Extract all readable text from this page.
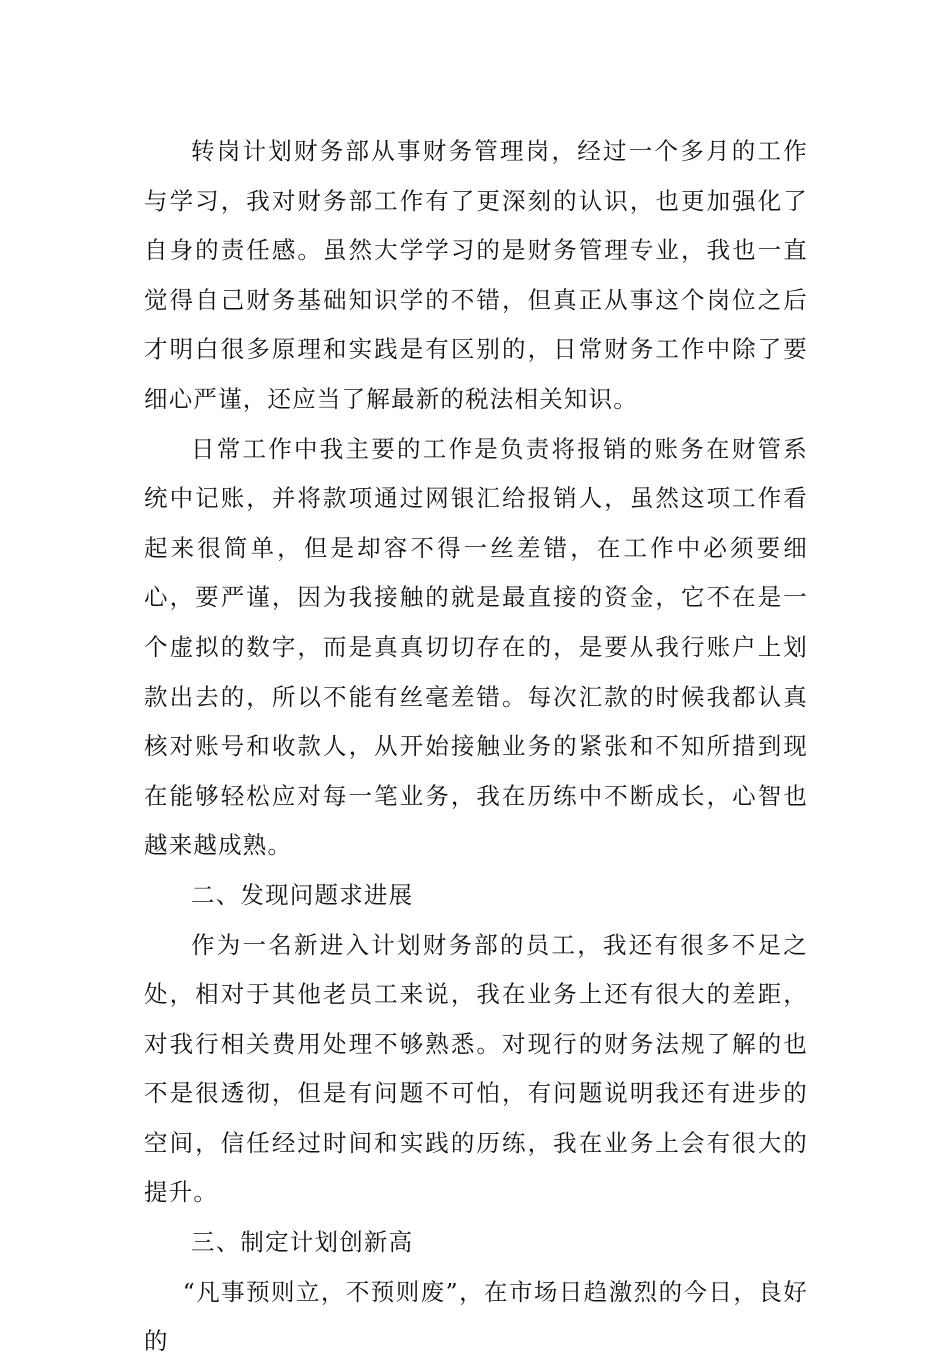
转岗计划财务部从事财务管理岗，经过一个多月的工作与学习，我对财务部工作有了更深刻的认识，也更加强化了自身的责任感。虽然大学学习的是财务管理专业，我也一直觉得自己财务基础知识学的不错，但真正从事这个岗位之后才明白很多原理和实践是有区别的，日常财务工作中除了要细心严谨，还应当了解最新的税法相关知识。

日常工作中我主要的工作是负责将报销的账务在财管系统中记账，并将款项通过网银汇给报销人，虽然这项工作看起来很简单，但是却容不得一丝差错，在工作中必须要细心，要严谨，因为我接触的就是最直接的资金，它不在是一个虚拟的数字，而是真真切切存在的，是要从我行账户上划款出去的，所以不能有丝毫差错。每次汇款的时候我都认真核对账号和收款人，从开始接触业务的紧张和不知所措到现在能够轻松应对每一笔业务，我在历练中不断成长，心智也越来越成熟。

二、发现问题求进展

作为一名新进入计划财务部的员工，我还有很多不足之处，相对于其他老员工来说，我在业务上还有很大的差距，对我行相关费用处理不够熟悉。对现行的财务法规了解的也不是很透彻，但是有问题不可怕，有问题说明我还有进步的空间，信任经过时间和实践的历练，我在业务上会有很大的提升。

三、制定计划创新高

“凡事预则立，不预则废”，在市场日趋激烈的今日，良好的
